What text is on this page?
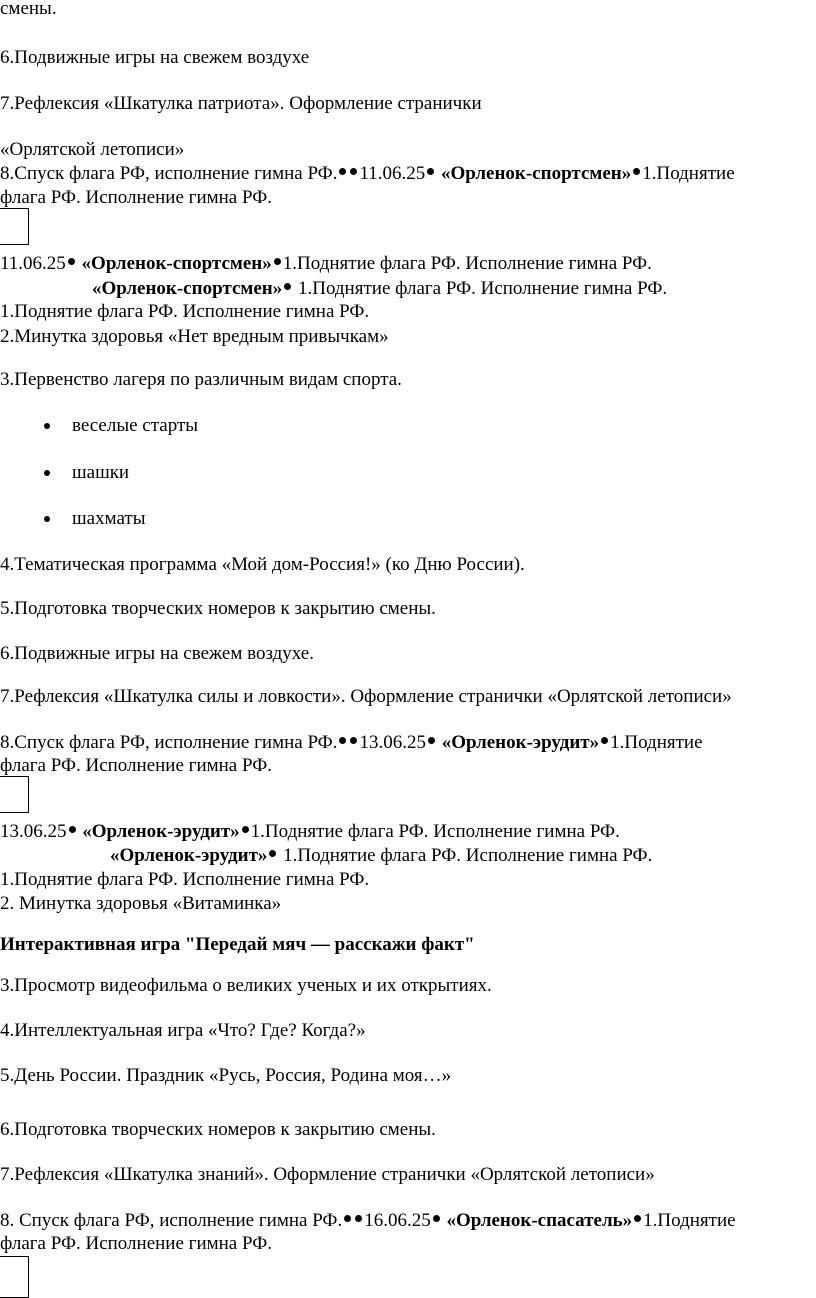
смены.
6.Подвижные игры на свежем воздухе
7.Рефлексия «Шкатулка патриота». Оформление странички
«Орлятской летописи»
8.Спуск флага РФ, исполнение гимна РФ. 11.06.25 «Орленок-спортсмен» 1.Поднятие
флага РФ. Исполнение гимна РФ.
11.06.25 «Орленок-спортсмен» 1.Поднятие флага РФ. Исполнение гимна РФ.
«Орленок-спортсмен» 1.Поднятие флага РФ. Исполнение гимна РФ.
1.Поднятие флага РФ. Исполнение гимна РФ.
2.Минутка здоровья «Нет вредным привычкам»
3.Первенство лагеря по различным видам спорта.
веселые старты
шашки
шахматы
4.Тематическая программа «Мой дом-Россия!» (ко Дню России).
5.Подготовка творческих номеров к закрытию смены.
6.Подвижные игры на свежем воздухе.
7.Рефлексия «Шкатулка силы и ловкости». Оформление странички «Орлятской летописи»
8.Спуск флага РФ, исполнение гимна РФ. 13.06.25 «Орленок-эрудит» 1.Поднятие
флага РФ. Исполнение гимна РФ.
13.06.25 «Орленок-эрудит» 1.Поднятие флага РФ. Исполнение гимна РФ.
«Орленок-эрудит» 1.Поднятие флага РФ. Исполнение гимна РФ.
1.Поднятие флага РФ. Исполнение гимна РФ.
2. Минутка здоровья «Витаминка»
Интерактивная игра "Передай мяч — расскажи факт"
3.Просмотр видеофильма о великих ученых и их открытиях.
4.Интеллектуальная игра «Что? Где? Когда?»
5.День России. Праздник «Русь, Россия, Родина моя…»
6.Подготовка творческих номеров к закрытию смены.
7.Рефлексия «Шкатулка знаний». Оформление странички «Орлятской летописи»
8. Спуск флага РФ, исполнение гимна РФ. 16.06.25 «Орленок-спасатель» 1.Поднятие
флага РФ. Исполнение гимна РФ.
